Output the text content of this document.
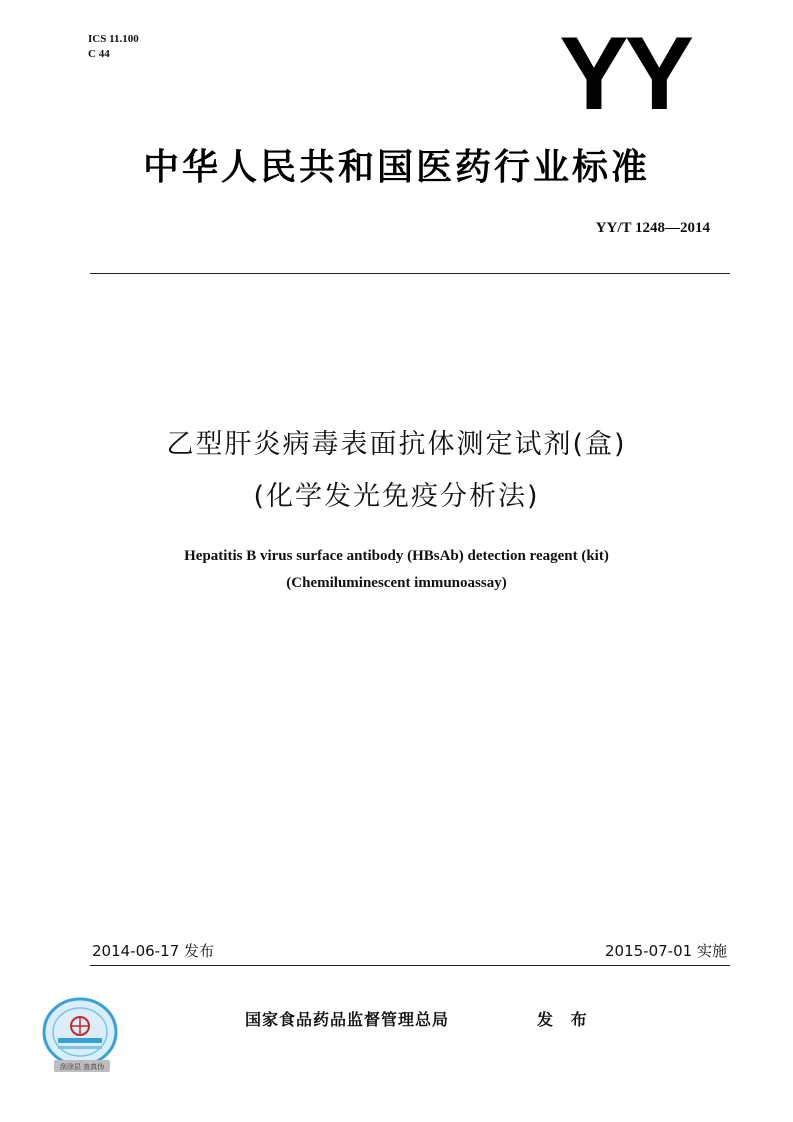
ICS 11.100
C 44	YY
中华人民共和国医药行业标准
YY/T 1248—2014
乙型肝炎病毒表面抗体测定试剂(盒)
(化学发光免疫分析法)
Hepatitis B virus surface antibody (HBsAb) detection reagent (kit)
(Chemiluminescent immunoassay)
2014-06-17 发布	2015-07-01 实施
刮涂层 查真伪
国家食品药品监督管理总局	发 布
